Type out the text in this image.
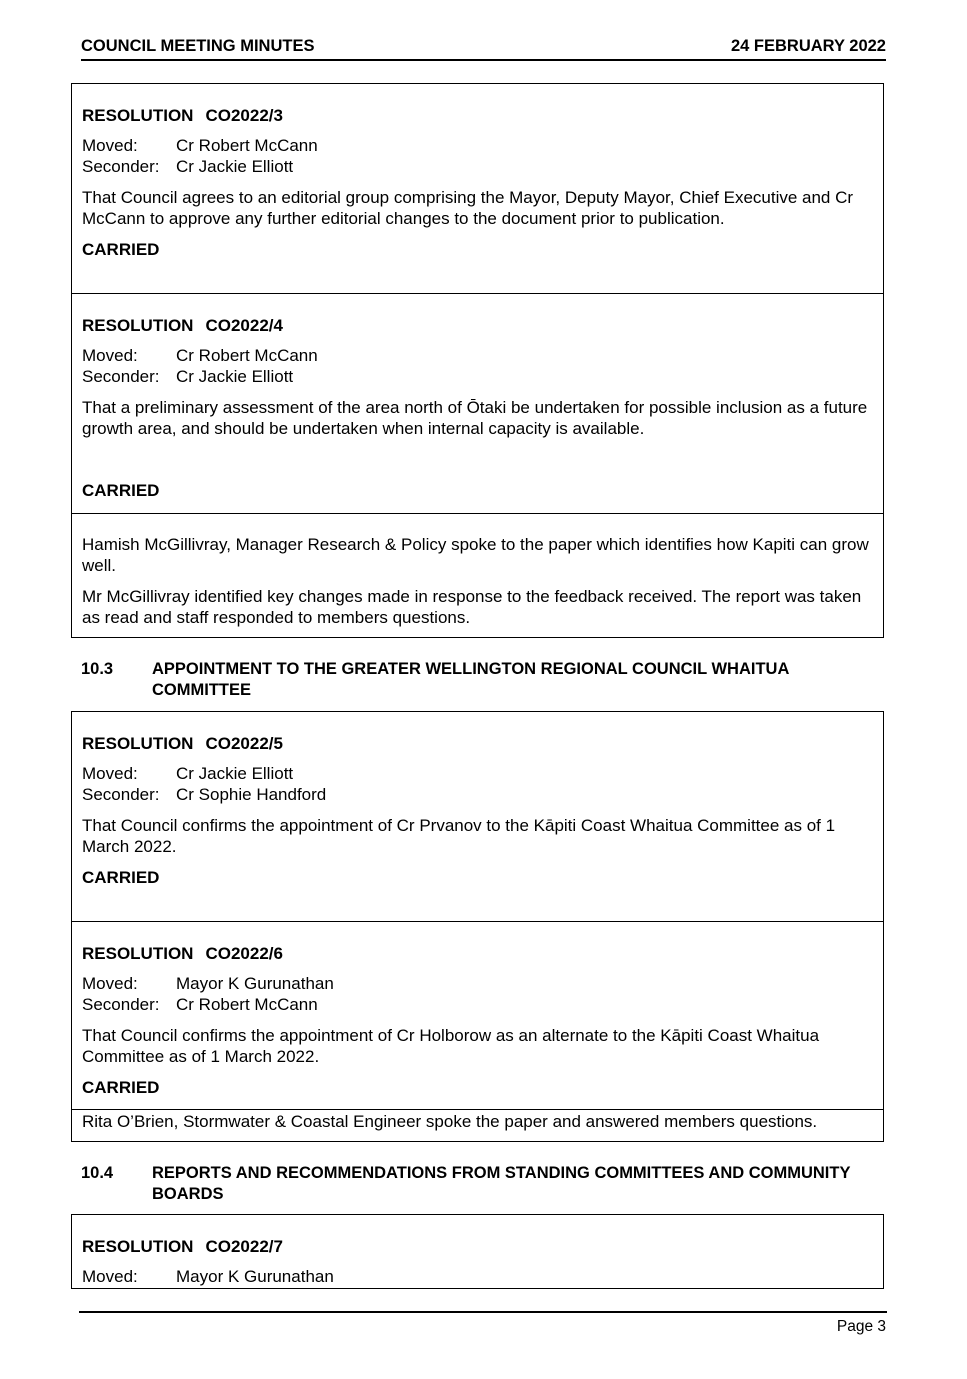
COUNCIL MEETING MINUTES	24 FEBRUARY 2022
RESOLUTION CO2022/3
Moved:	Cr Robert McCann
Seconder: Cr Jackie Elliott
That Council agrees to an editorial group comprising the Mayor, Deputy Mayor, Chief Executive and Cr McCann to approve any further editorial changes to the document prior to publication.
CARRIED
RESOLUTION CO2022/4
Moved:	Cr Robert McCann
Seconder: Cr Jackie Elliott
That a preliminary assessment of the area north of Ōtaki be undertaken for possible inclusion as a future growth area, and should be undertaken when internal capacity is available.
CARRIED
Hamish McGillivray, Manager Research & Policy spoke to the paper which identifies how Kapiti can grow well.
Mr McGillivray identified key changes made in response to the feedback received. The report was taken as read and staff responded to members questions.
10.3	APPOINTMENT TO THE GREATER WELLINGTON REGIONAL COUNCIL WHAITUA COMMITTEE
RESOLUTION CO2022/5
Moved:	Cr Jackie Elliott
Seconder: Cr Sophie Handford
That Council confirms the appointment of Cr Prvanov to the Kāpiti Coast Whaitua Committee as of 1 March 2022.
CARRIED
RESOLUTION CO2022/6
Moved:	Mayor K Gurunathan
Seconder: Cr Robert McCann
That Council confirms the appointment of Cr Holborow as an alternate to the Kāpiti Coast Whaitua Committee as of 1 March 2022.
CARRIED
Rita O’Brien, Stormwater & Coastal Engineer spoke the paper and answered members questions.
10.4	REPORTS AND RECOMMENDATIONS FROM STANDING COMMITTEES AND COMMUNITY BOARDS
RESOLUTION CO2022/7
Moved:	Mayor K Gurunathan
Page 3
